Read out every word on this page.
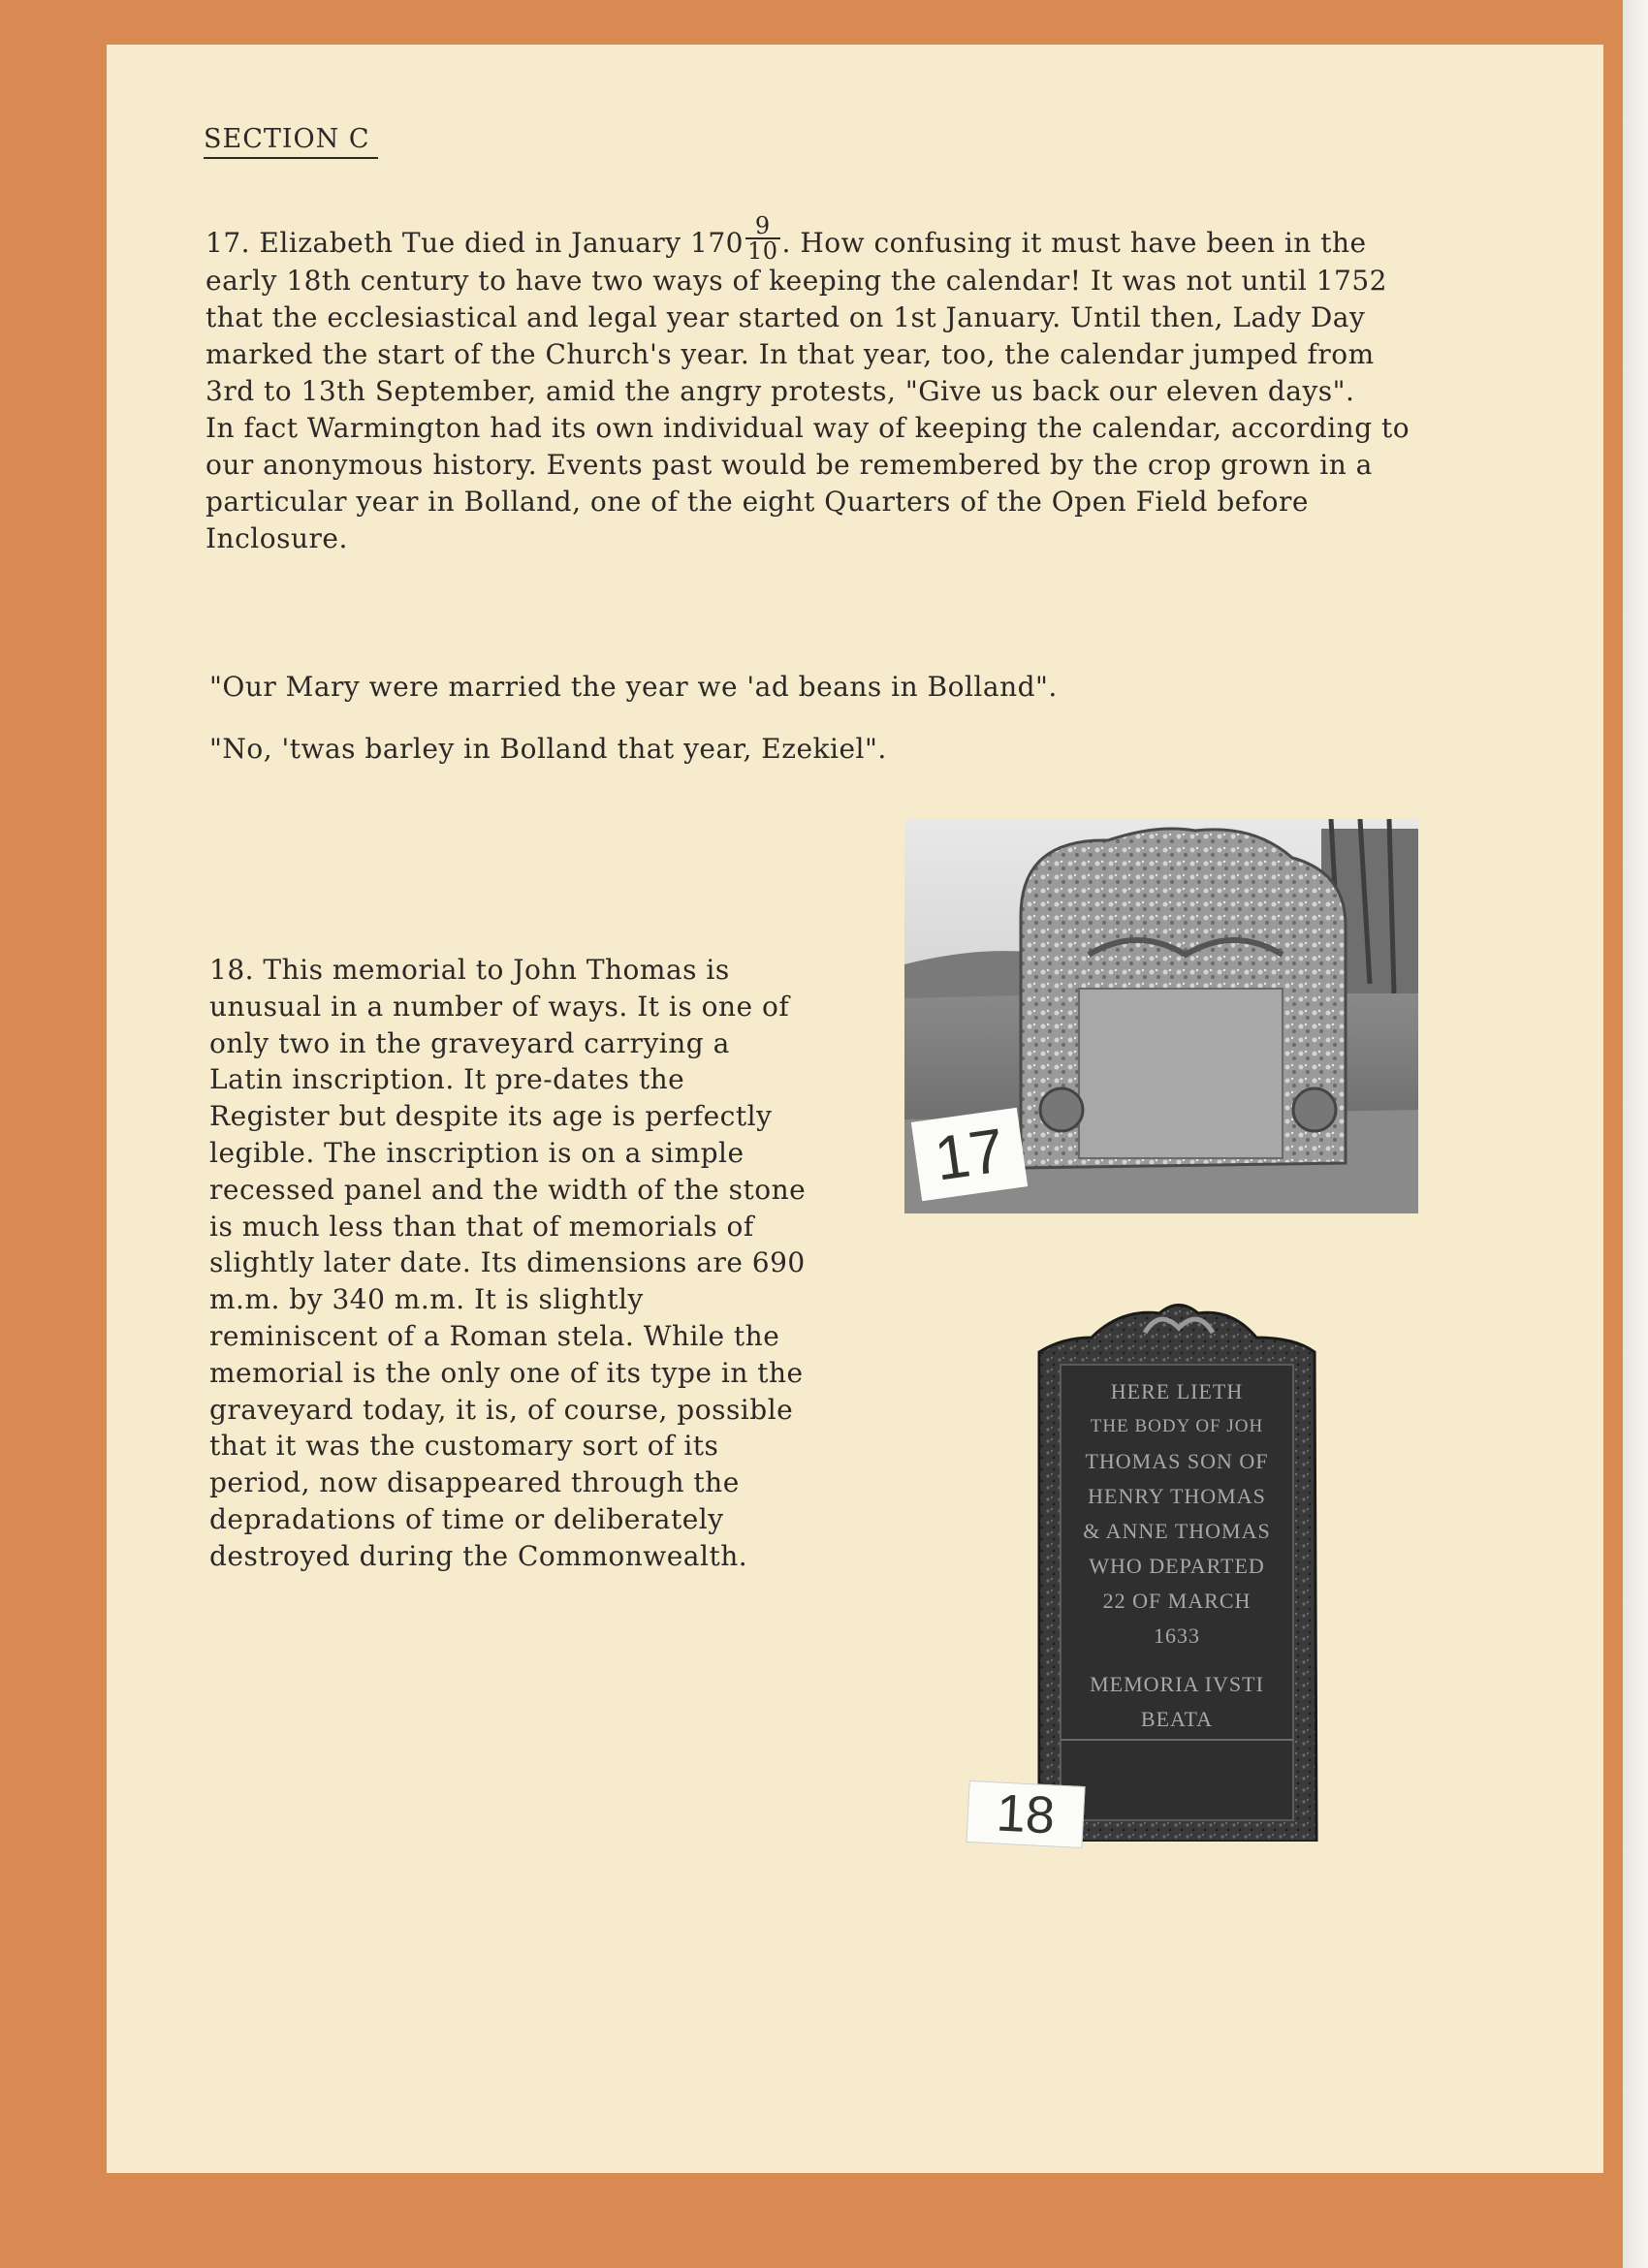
SECTION C

17. Elizabeth Tue died in January $170 \frac{9}{10}$ . How confusing it must have been in the early 18th century to have two ways of keeping the calendar! It was not until 1752 that the ecclesiastical and legal year started on 1st January. Until then, Lady Day marked the start of the Church's year. In that year, too, the calendar jumped from 3rd to 13th September, amid the angry protests, "Give us back our eleven days".

In fact Warmington had its own individual way of keeping the calendar, according to our anonymous history. Events past would be remembered by the crop grown in a particular year in Bolland, one of the eight Quarters of the Open Field before Inclosure.

"Our Mary were married the year we 'ad beans in Bolland".
"No, 'twas barley in Bolland that year, Ezekiel".
18. This memorial to John Thomas is unusual in a number of ways. It is one of only two in the graveyard carrying a Latin inscription. It pre-dates the Register but despite its age is perfectly legible. The inscription is on a simple recessed panel and the width of the stone is much less than that of memorials of slightly later date. Its dimensions are 690 m.m. by 340 m.m. It is slightly reminiscent of a Roman stela. While the memorial is the only one of its type in the graveyard today, it is, of course, possible that it was the customary sort of its period, now disappeared through the depradations of time or deliberately destroyed during the Commonwealth.
17
HERE LIETH
THE BODY OF JOH
THOMAS SON OF
HENRY THOMAS
& ANNE THOMAS
WHO DEPARTED
22 OF MARCH
1633
MEMORIA IVSTI
BEATA
18
